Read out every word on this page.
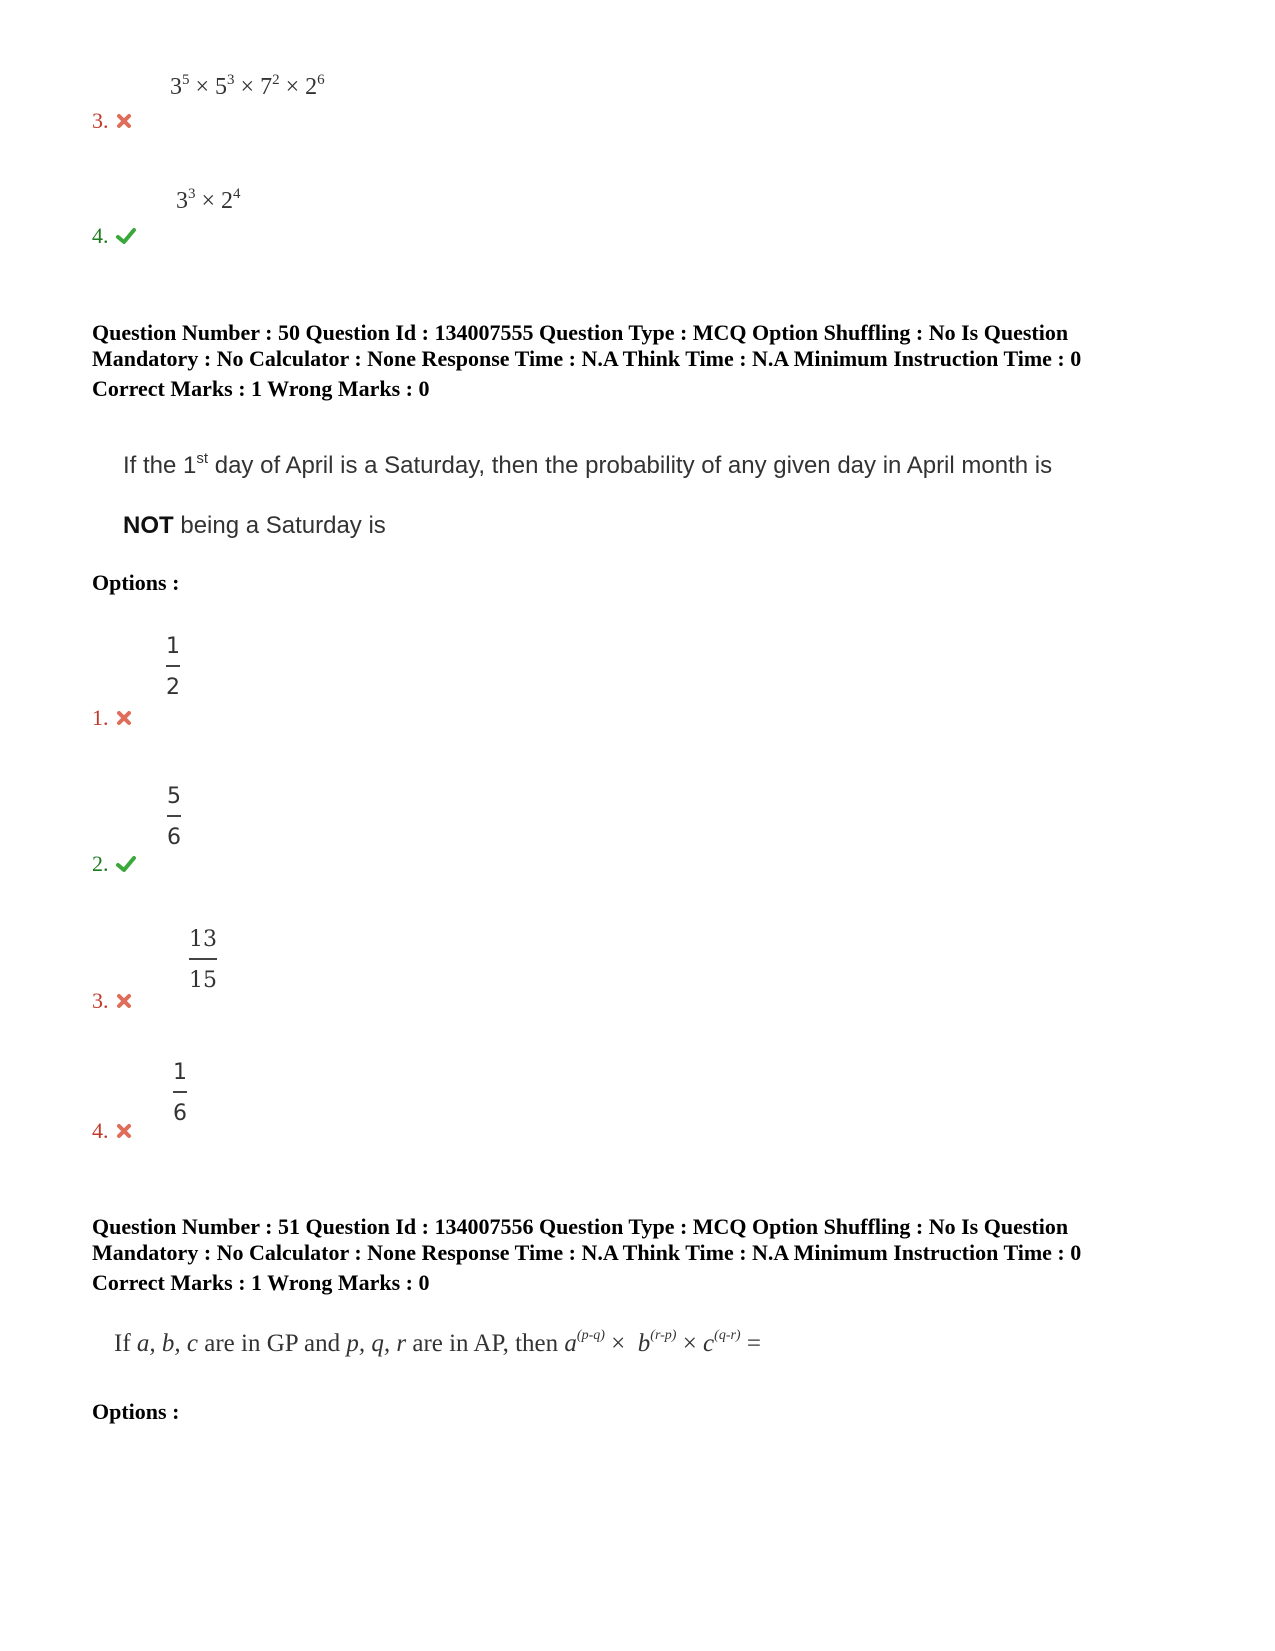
$3^5 \times 5^3 \times 7^2 \times 2^6$
3.
$3^3 \times 2^4$
4.
Question Number : 50 Question Id : 134007555 Question Type : MCQ Option Shuffling : No Is Question
Mandatory : No Calculator : None Response Time : N.A Think Time : N.A Minimum Instruction Time : 0
Correct Marks : 1 Wrong Marks : 0
If the 1st day of April is a Saturday, then the probability of any given day in April month is
NOT being a Saturday is
Options :
1
2
1.
5
6
2.
13
15
3.
1
6
4.
Question Number : 51 Question Id : 134007556 Question Type : MCQ Option Shuffling : No Is Question
Mandatory : No Calculator : None Response Time : N.A Think Time : N.A Minimum Instruction Time : 0
Correct Marks : 1 Wrong Marks : 0
If a, b, c are in GP and p, q, r are in AP, then $a^{(p-q)} \times b^{(r-p)} \times c^{(q-r)}$ =
Options :
